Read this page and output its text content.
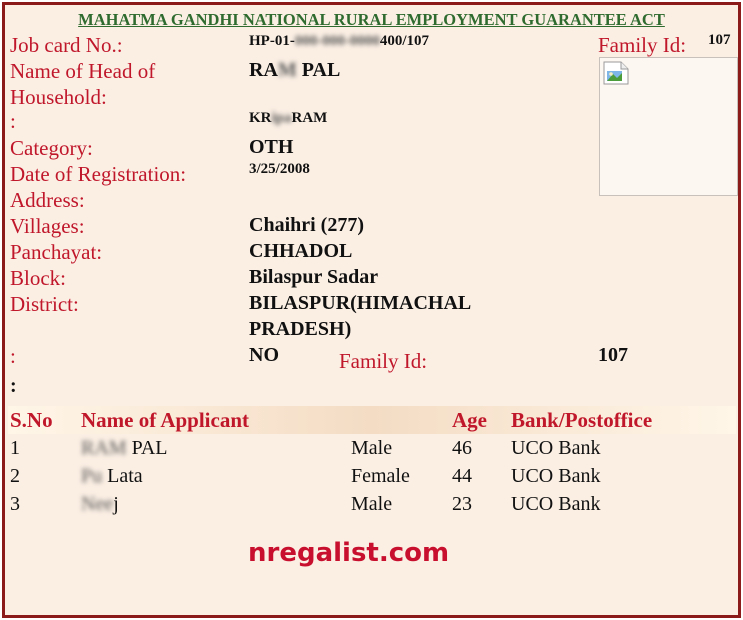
MAHATMA GANDHI NATIONAL RURAL EMPLOYMENT GUARANTEE ACT
Job card No.:	HP-01-000-000-0000400/107	Family Id: 107
Name of Head of
Household:
RAM PAL
:	KRipaRAM
Category:	OTH
Date of Registration:	3/25/2008
Address:
Villages:	Chaihri (277)
Panchayat:	CHHADOL
Block:	Bilaspur Sadar
District:	BILASPUR(HIMACHAL
PRADESH)
:	NO	Family Id:	107
:
S.No Name of Applicant	Age Bank/Postoffice
1	RAM PAL	Male	46 UCO Bank
2	Pu Lata	Female 44 UCO Bank
3	Neej	Male	23 UCO Bank
nregalist.com
